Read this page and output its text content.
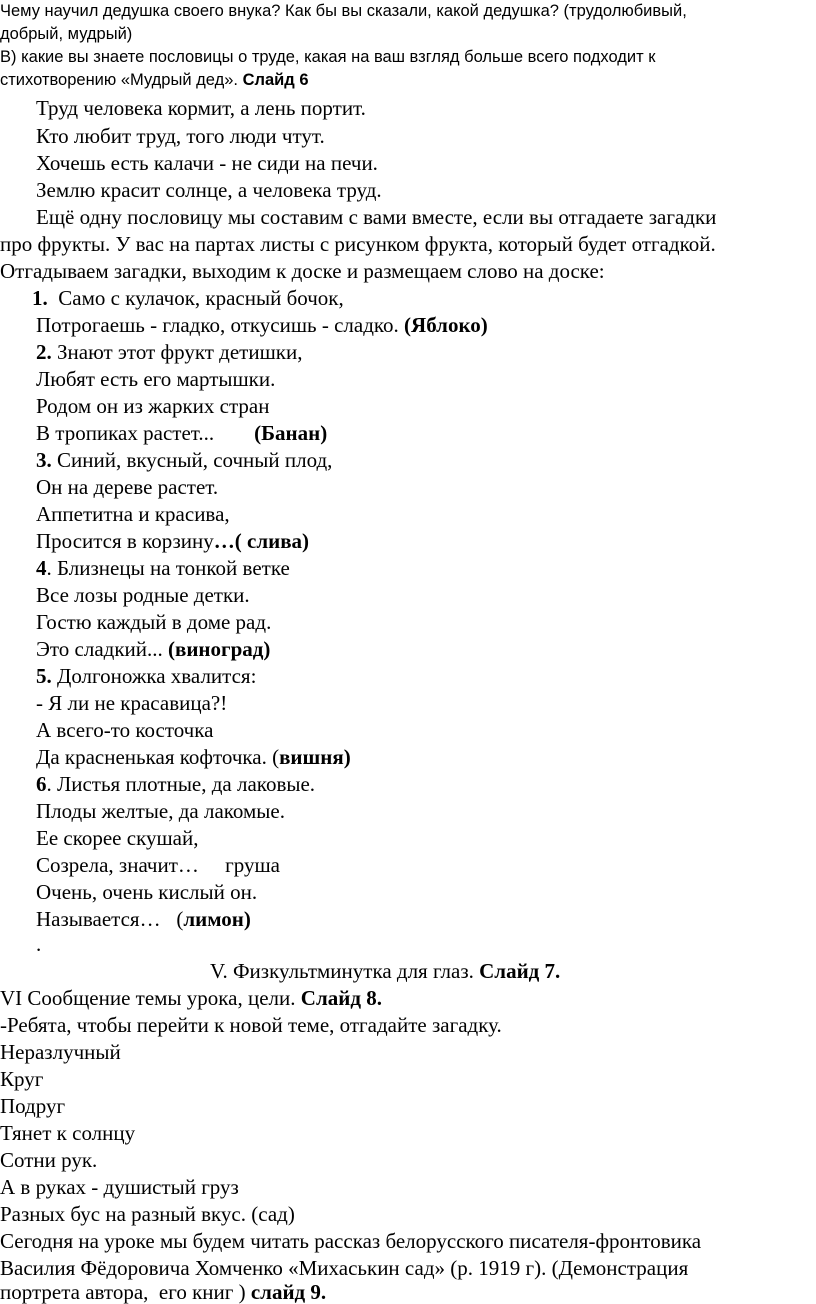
Чему научил дедушка своего внука? Как бы вы сказали, какой дедушка? (трудолюбивый,
добрый, мудрый)
В) какие вы знаете пословицы о труде, какая на ваш взгляд больше всего подходит к
стихотворению «Мудрый дед». Слайд 6
Труд человека кормит, а лень портит.
Кто любит труд, того люди чтут.
Хочешь есть калачи - не сиди на печи.
Землю красит солнце, а человека труд.
Ещё одну пословицу мы составим с вами вместе, если вы отгадаете загадки
про фрукты. У вас на партах листы с рисунком фрукта, который будет отгадкой.
Отгадываем загадки, выходим к доске и размещаем слово на доске:
1. Само с кулачок, красный бочок,
Потрогаешь - гладко, откусишь - сладко. (Яблоко)
2. Знают этот фрукт детишки,
Любят есть его мартышки.
Родом он из жарких стран
В тропиках растет... (Банан)
3. Синий, вкусный, сочный плод,
Он на дереве растет.
Аппетитна и красива,
Просится в корзину…( слива)
4. Близнецы на тонкой ветке
Все лозы родные детки.
Гостю каждый в доме рад.
Это сладкий... (виноград)
5. Долгоножка хвалится:
- Я ли не красавица?!
А всего-то косточка
Да красненькая кофточка. (вишня)
6. Листья плотные, да лаковые.
Плоды желтые, да лакомые.
Ее скорее скушай,
Созрела, значит…     груша
Очень, очень кислый он.
Называется…   (лимон)
.
V. Физкультминутка для глаз. Слайд 7.
VI Сообщение темы урока, цели. Слайд 8.
-Ребята, чтобы перейти к новой теме, отгадайте загадку.
Неразлучный
Круг
Подруг
Тянет к солнцу
Сотни рук.
А в руках - душистый груз
Разных бус на разный вкус. (сад)
Сегодня на уроке мы будем читать рассказ белорусского писателя-фронтовика
Василия Фёдоровича Хомченко «Михаськин сад» (р. 1919 г). (Демонстрация
портрета автора,  его книг ) слайд 9.
